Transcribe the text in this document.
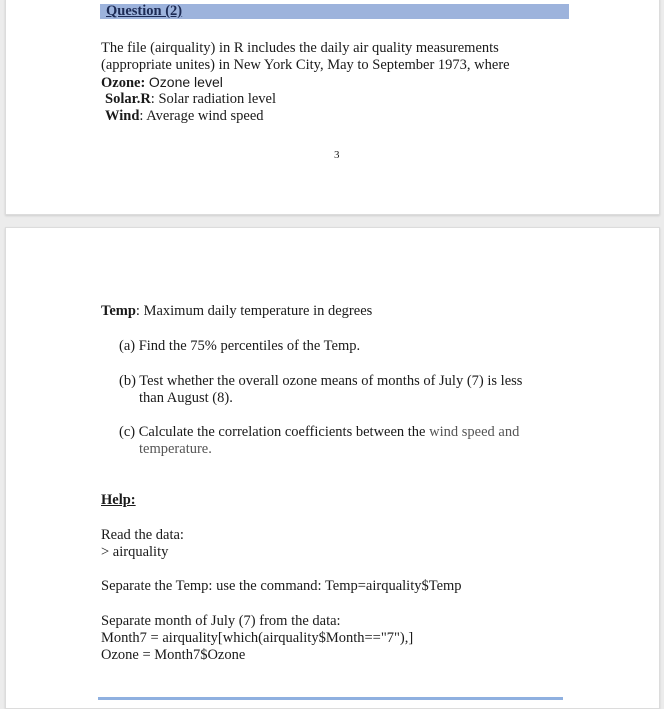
Question (2)
The file (airquality) in R includes the daily air quality measurements
(appropriate unites) in New York City, May to September 1973, where
Ozone: Ozone level
Solar.R: Solar radiation level
Wind: Average wind speed
3
Temp: Maximum daily temperature in degrees
(a) Find the 75% percentiles of the Temp.
(b) Test whether the overall ozone means of months of July (7) is less
than August (8).
(c) Calculate the correlation coefficients between the wind speed and
temperature.
Help:
Read the data:
> airquality
Separate the Temp: use the command: Temp=airquality$Temp
Separate month of July (7) from the data:
Month7 = airquality[which(airquality$Month=="7"),]
Ozone = Month7$Ozone
